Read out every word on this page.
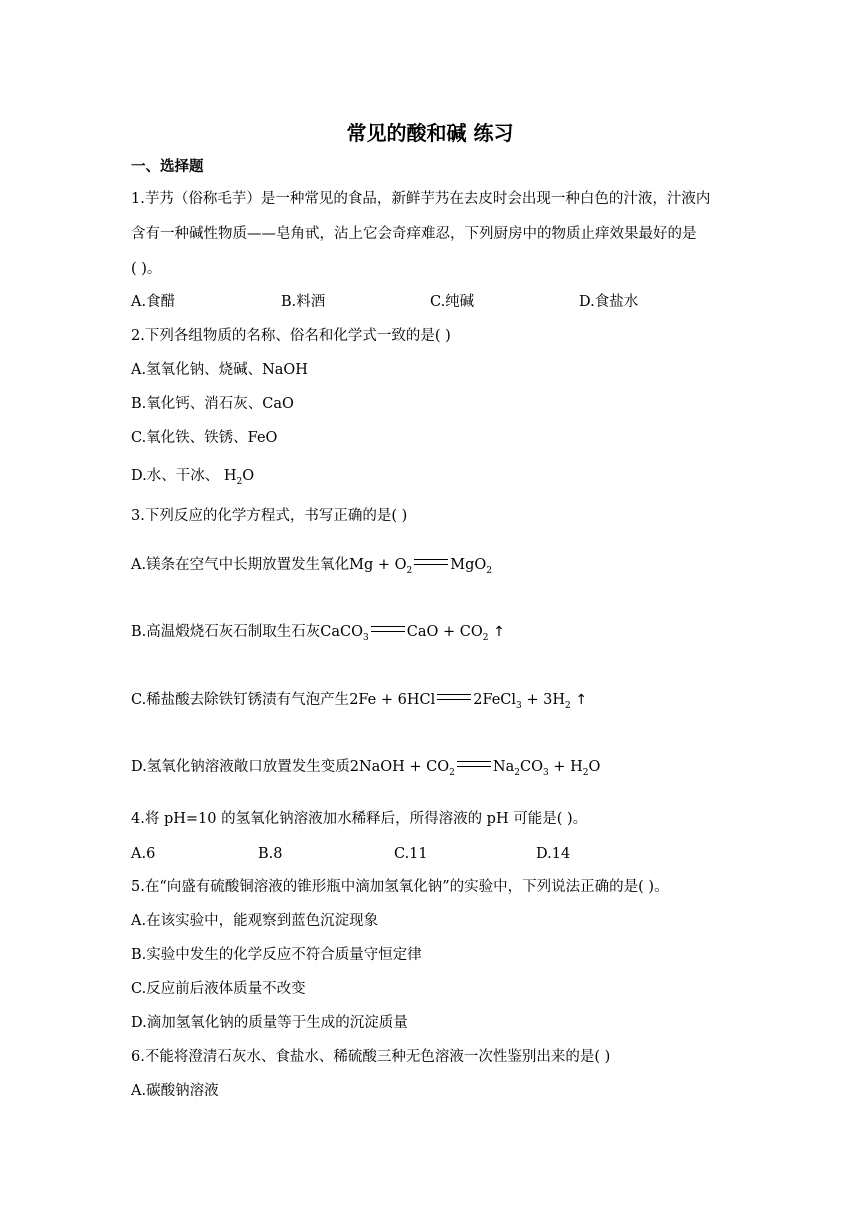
常见的酸和碱 练习
一、选择题
1.芋艿（俗称毛芋）是一种常见的食品，新鲜芋艿在去皮时会出现一种白色的汁液，汁液内
含有一种碱性物质——皂角甙，沾上它会奇痒难忍，下列厨房中的物质止痒效果最好的是
( )。
A.食醋	B.料酒	C.纯碱	D.食盐水
2.下列各组物质的名称、俗名和化学式一致的是( )
A.氢氧化钠、烧碱、NaOH
B.氧化钙、消石灰、CaO
C.氧化铁、铁锈、FeO
D.水、干冰、 $H_2O$
3.下列反应的化学方程式，书写正确的是( )
A.镁条在空气中长期放置发生氧化$Mg + O_2$	MgO$_2$
B.高温煅烧石灰石制取生石灰CaCO$_3$	CaO + $CO_2$ ↑
C.稀盐酸去除铁钉锈渍有气泡产生2Fe + 6HCl	2FeCl$_3$ + $3H_2$ ↑
D.氢氧化钠溶液敞口放置发生变质2NaOH + $CO_2$	$Na_2CO_3 + H_2O$
4.将 pH=10 的氢氧化钠溶液加水稀释后，所得溶液的 pH 可能是( )。
A.6	B.8	C.11	D.14
5.在“向盛有硫酸铜溶液的锥形瓶中滴加氢氧化钠”的实验中，下列说法正确的是( )。
A.在该实验中，能观察到蓝色沉淀现象
B.实验中发生的化学反应不符合质量守恒定律
C.反应前后液体质量不改变
D.滴加氢氧化钠的质量等于生成的沉淀质量
6.不能将澄清石灰水、食盐水、稀硫酸三种无色溶液一次性鉴别出来的是( )
A.碳酸钠溶液
